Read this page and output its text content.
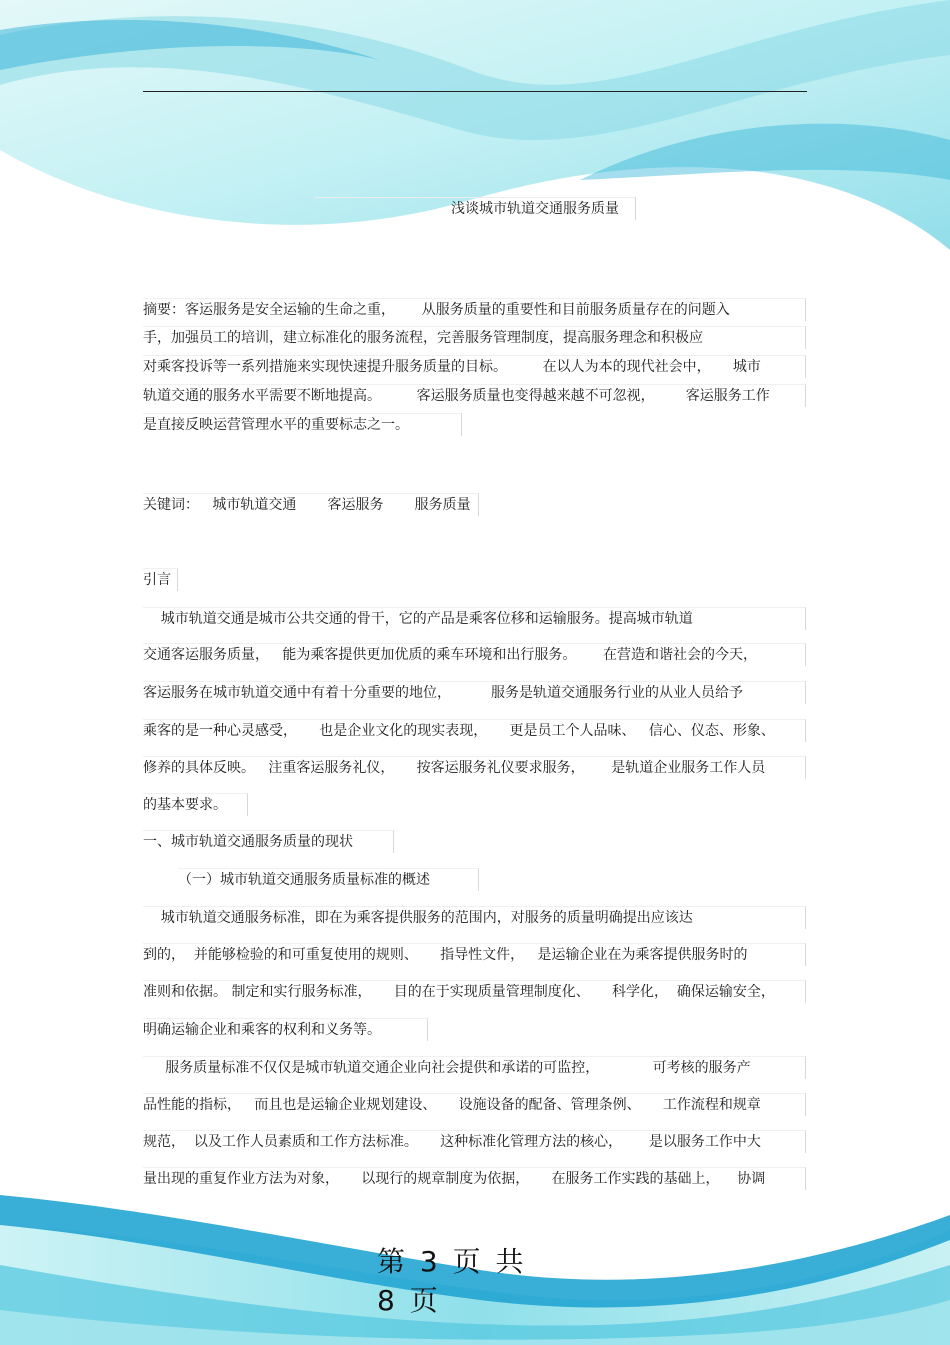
浅谈城市轨道交通服务质量
摘要：客运服务是安全运输的生命之重，      从服务质量的重要性和目前服务质量存在的问题入
手，加强员工的培训，建立标准化的服务流程，完善服务管理制度，提高服务理念和积极应
对乘客投诉等一系列措施来实现快速提升服务质量的目标。        在以人为本的现代社会中，     城市
轨道交通的服务水平需要不断地提高。        客运服务质量也变得越来越不可忽视，       客运服务工作
是直接反映运营管理水平的重要标志之一。
关键词：   城市轨道交通       客运服务       服务质量
引言
城市轨道交通是城市公共交通的骨干，它的产品是乘客位移和运输服务。提高城市轨道
交通客运服务质量，   能为乘客提供更加优质的乘车环境和出行服务。      在营造和谐社会的今天，
客运服务在城市轨道交通中有着十分重要的地位，         服务是轨道交通服务行业的从业人员给予
乘客的是一种心灵感受，     也是企业文化的现实表现，     更是员工个人品味、   信心、仪态、形象、
修养的具体反映。   注重客运服务礼仪，     按客运服务礼仪要求服务，      是轨道企业服务工作人员
的基本要求。
一、城市轨道交通服务质量的现状
（一）城市轨道交通服务质量标准的概述
城市轨道交通服务标准，即在为乘客提供服务的范围内，对服务的质量明确提出应该达
到的，  并能够检验的和可重复使用的规则、     指导性文件，   是运输企业在为乘客提供服务时的
准则和依据。 制定和实行服务标准，     目的在于实现质量管理制度化、     科学化，  确保运输安全，
明确运输企业和乘客的权利和义务等。
服务质量标准不仅仅是城市轨道交通企业向社会提供和承诺的可监控，            可考核的服务产
品性能的指标，   而且也是运输企业规划建设、     设施设备的配备、管理条例、     工作流程和规章
规范，  以及工作人员素质和工作方法标准。     这种标准化管理方法的核心，      是以服务工作中大
量出现的重复作业方法为对象，     以现行的规章制度为依据，     在服务工作实践的基础上，    协调
第 3 页 共
8 页
